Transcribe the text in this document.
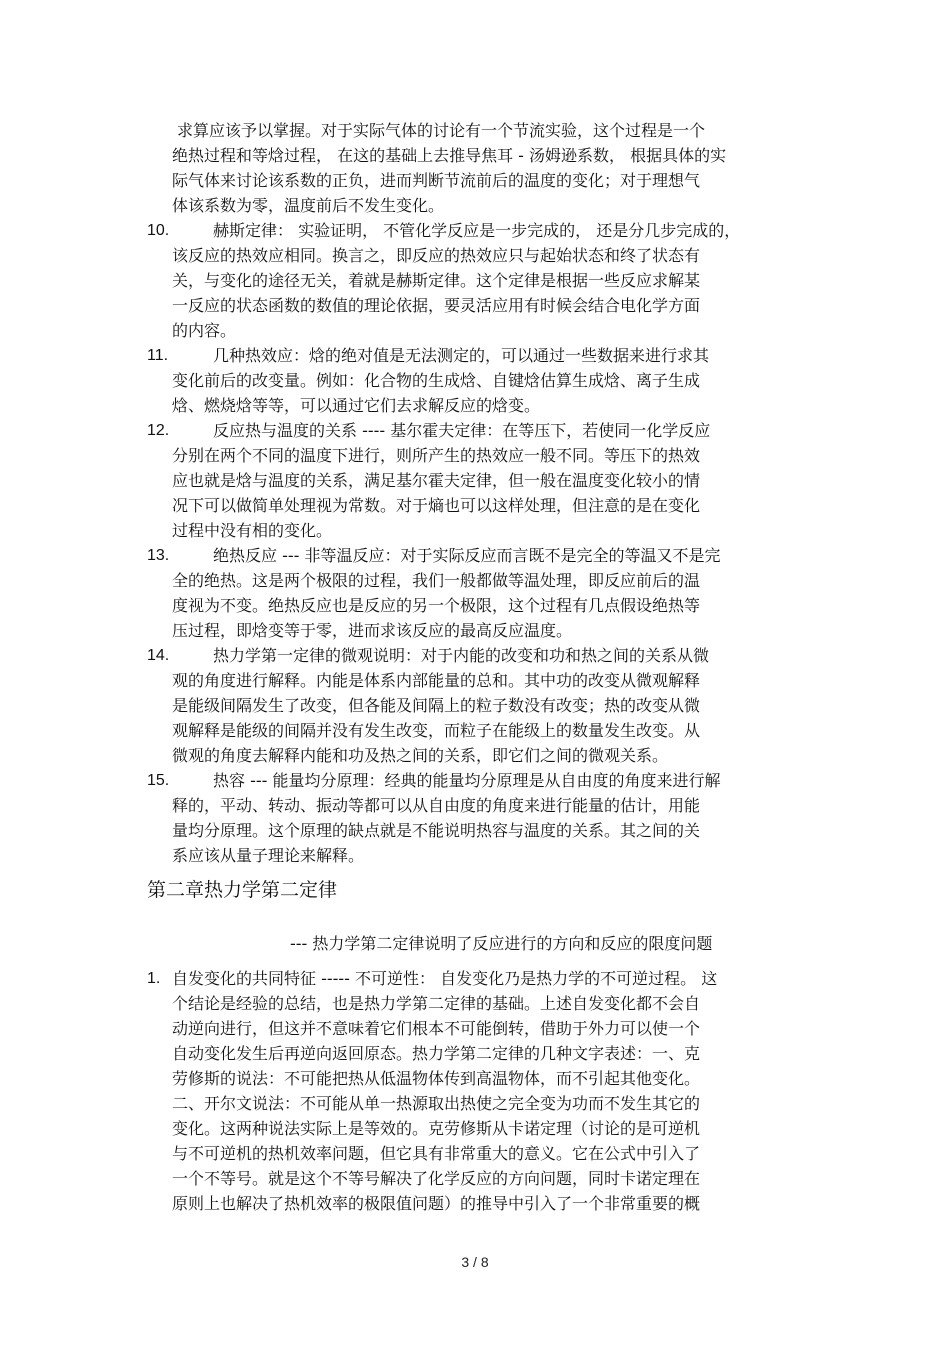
求算应该予以掌握。对于实际气体的讨论有一个节流实验，这个过程是一个
绝热过程和等焓过程， 在这的基础上去推导焦耳 - 汤姆逊系数， 根据具体的实
际气体来讨论该系数的正负，进而判断节流前后的温度的变化；对于理想气
体该系数为零，温度前后不发生变化。
10.	赫斯定律： 实验证明， 不管化学反应是一步完成的， 还是分几步完成的，
该反应的热效应相同。换言之，即反应的热效应只与起始状态和终了状态有
关，与变化的途径无关，着就是赫斯定律。这个定律是根据一些反应求解某
一反应的状态函数的数值的理论依据，要灵活应用有时候会结合电化学方面
的内容。
11.	几种热效应：焓的绝对值是无法测定的，可以通过一些数据来进行求其
变化前后的改变量。例如：化合物的生成焓、自键焓估算生成焓、离子生成
焓、燃烧焓等等，可以通过它们去求解反应的焓变。
12.	反应热与温度的关系 ---- 基尔霍夫定律：在等压下，若使同一化学反应
分别在两个不同的温度下进行，则所产生的热效应一般不同。等压下的热效
应也就是焓与温度的关系，满足基尔霍夫定律，但一般在温度变化较小的情
况下可以做简单处理视为常数。对于熵也可以这样处理，但注意的是在变化
过程中没有相的变化。
13.	绝热反应 --- 非等温反应：对于实际反应而言既不是完全的等温又不是完
全的绝热。这是两个极限的过程，我们一般都做等温处理，即反应前后的温
度视为不变。绝热反应也是反应的另一个极限，这个过程有几点假设绝热等
压过程，即焓变等于零，进而求该反应的最高反应温度。
14.	热力学第一定律的微观说明：对于内能的改变和功和热之间的关系从微
观的角度进行解释。内能是体系内部能量的总和。其中功的改变从微观解释
是能级间隔发生了改变，但各能及间隔上的粒子数没有改变；热的改变从微
观解释是能级的间隔并没有发生改变，而粒子在能级上的数量发生改变。从
微观的角度去解释内能和功及热之间的关系，即它们之间的微观关系。
15.	热容 --- 能量均分原理：经典的能量均分原理是从自由度的角度来进行解
释的，平动、转动、振动等都可以从自由度的角度来进行能量的估计，用能
量均分原理。这个原理的缺点就是不能说明热容与温度的关系。其之间的关
系应该从量子理论来解释。
第二章热力学第二定律
--- 热力学第二定律说明了反应进行的方向和反应的限度问题
1. 自发变化的共同特征 ----- 不可逆性： 自发变化乃是热力学的不可逆过程。 这
个结论是经验的总结，也是热力学第二定律的基础。上述自发变化都不会自
动逆向进行，但这并不意味着它们根本不可能倒转，借助于外力可以使一个
自动变化发生后再逆向返回原态。热力学第二定律的几种文字表述：一、克
劳修斯的说法：不可能把热从低温物体传到高温物体，而不引起其他变化。
二、开尔文说法：不可能从单一热源取出热使之完全变为功而不发生其它的
变化。这两种说法实际上是等效的。克劳修斯从卡诺定理（讨论的是可逆机
与不可逆机的热机效率问题，但它具有非常重大的意义。它在公式中引入了
一个不等号。就是这个不等号解决了化学反应的方向问题，同时卡诺定理在
原则上也解决了热机效率的极限值问题）的推导中引入了一个非常重要的概
3 / 8
